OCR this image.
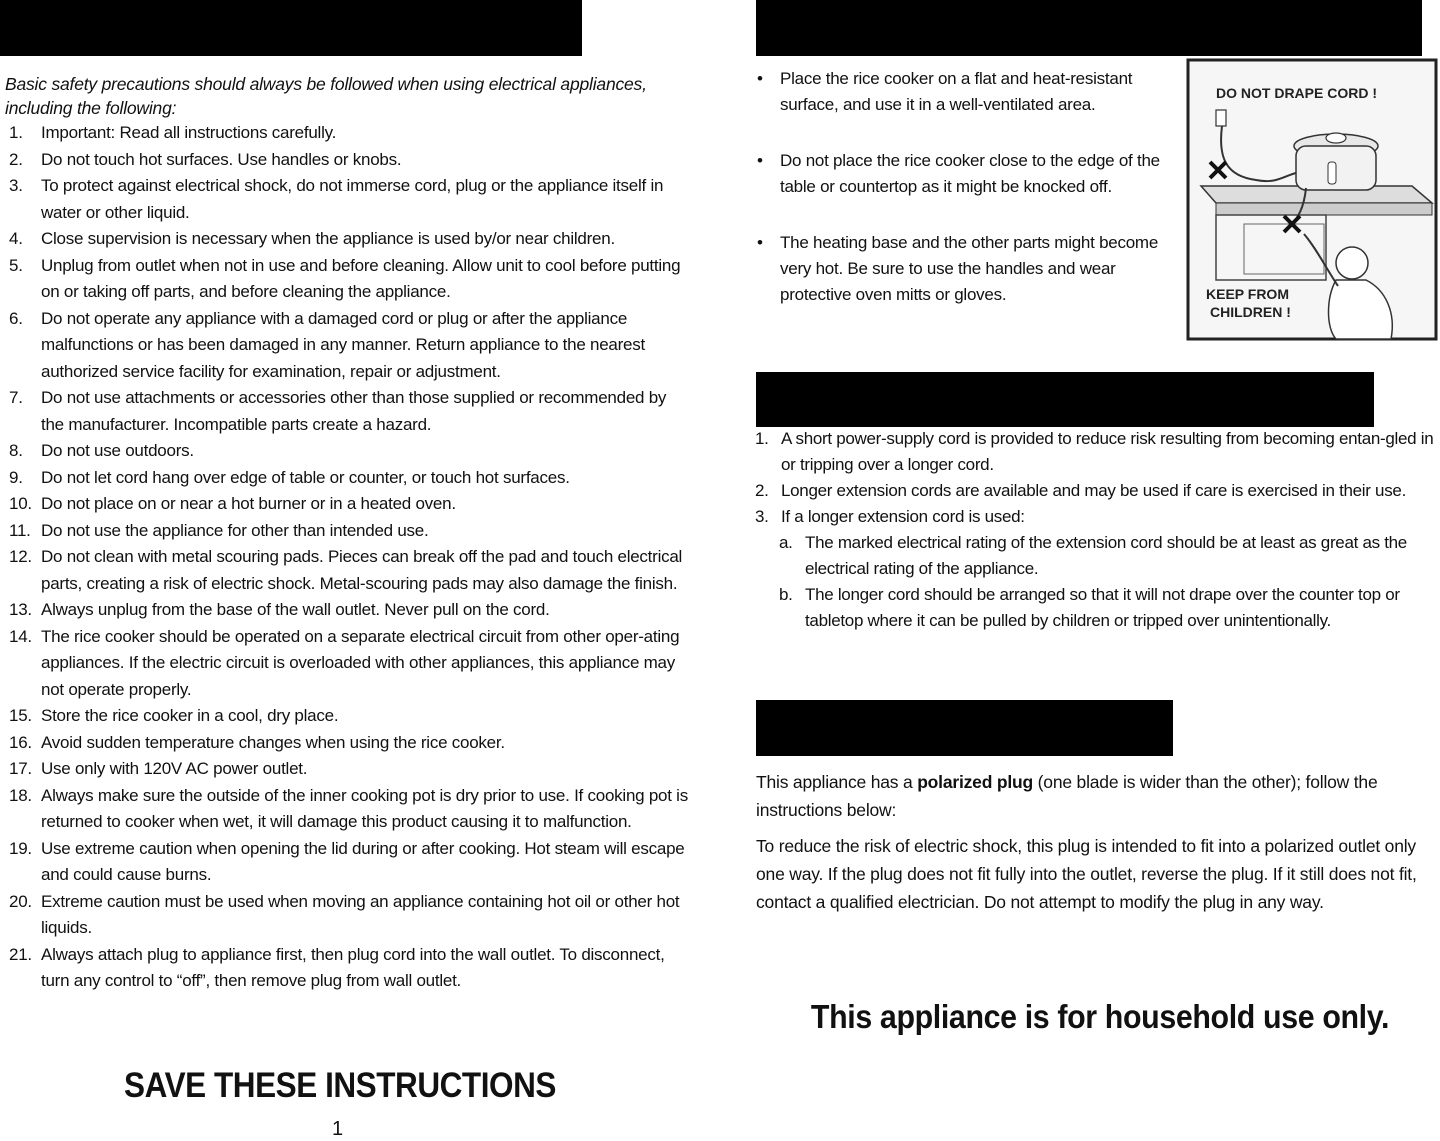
Basic safety precautions should always be followed when using electrical appliances, including the following:
1.	Important: Read all instructions carefully.
2.	Do not touch hot surfaces. Use handles or knobs.
3.	To protect against electrical shock, do not immerse cord, plug or the appliance itself in water or other liquid.
4.	Close supervision is necessary when the appliance is used by/or near children.
5.	Unplug from outlet when not in use and before cleaning. Allow unit to cool before putting on or taking off parts, and before cleaning the appliance.
6.	Do not operate any appliance with a damaged cord or plug or after the appliance malfunctions or has been damaged in any manner. Return appliance to the nearest authorized service facility for examination, repair or adjustment.
7.	Do not use attachments or accessories other than those supplied or recommended by the manufacturer. Incompatible parts create a hazard.
8.	Do not use outdoors.
9.	Do not let cord hang over edge of table or counter, or touch hot surfaces.
10. Do not place on or near a hot burner or in a heated oven.
11. Do not use the appliance for other than intended use.
12. Do not clean with metal scouring pads. Pieces can break off the pad and touch electrical parts, creating a risk of electric shock. Metal-scouring pads may also damage the finish.
13. Always unplug from the base of the wall outlet. Never pull on the cord.
14. The rice cooker should be operated on a separate electrical circuit from other oper-ating appliances. If the electric circuit is overloaded with other appliances, this appliance may not operate properly.
15. Store the rice cooker in a cool, dry place.
16. Avoid sudden temperature changes when using the rice cooker.
17. Use only with 120V AC power outlet.
18. Always make sure the outside of the inner cooking pot is dry prior to use. If cooking pot is returned to cooker when wet, it will damage this product causing it to malfunction.
19. Use extreme caution when opening the lid during or after cooking. Hot steam will escape and could cause burns.
20. Extreme caution must be used when moving an appliance containing hot oil or other hot liquids.
21. Always attach plug to appliance first, then plug cord into the wall outlet. To disconnect, turn any control to “off”, then remove plug from wall outlet.
SAVE THESE INSTRUCTIONS
1
•	Place the rice cooker on a flat and heat-resistant surface, and use it in a well-ventilated area.
•	Do not place the rice cooker close to the edge of the table or countertop as it might be knocked off.
•	The heating base and the other parts might become very hot. Be sure to use the handles and wear protective oven mitts or gloves.
DO NOT DRAPE CORD !
KEEP FROM
CHILDREN !
1. A short power-supply cord is provided to reduce risk resulting from becoming entan-gled in or tripping over a longer cord.
2. Longer extension cords are available and may be used if care is exercised in their use.
3. If a longer extension cord is used:
a. The marked electrical rating of the extension cord should be at least as great as the electrical rating of the appliance.
b. The longer cord should be arranged so that it will not drape over the counter top or tabletop where it can be pulled by children or tripped over unintentionally.

This appliance has a polarized plug (one blade is wider than the other); follow the instructions below:

To reduce the risk of electric shock, this plug is intended to fit into a polarized outlet only one way. If the plug does not fit fully into the outlet, reverse the plug. If it still does not fit, contact a qualified electrician. Do not attempt to modify the plug in any way.

This appliance is for household use only.
